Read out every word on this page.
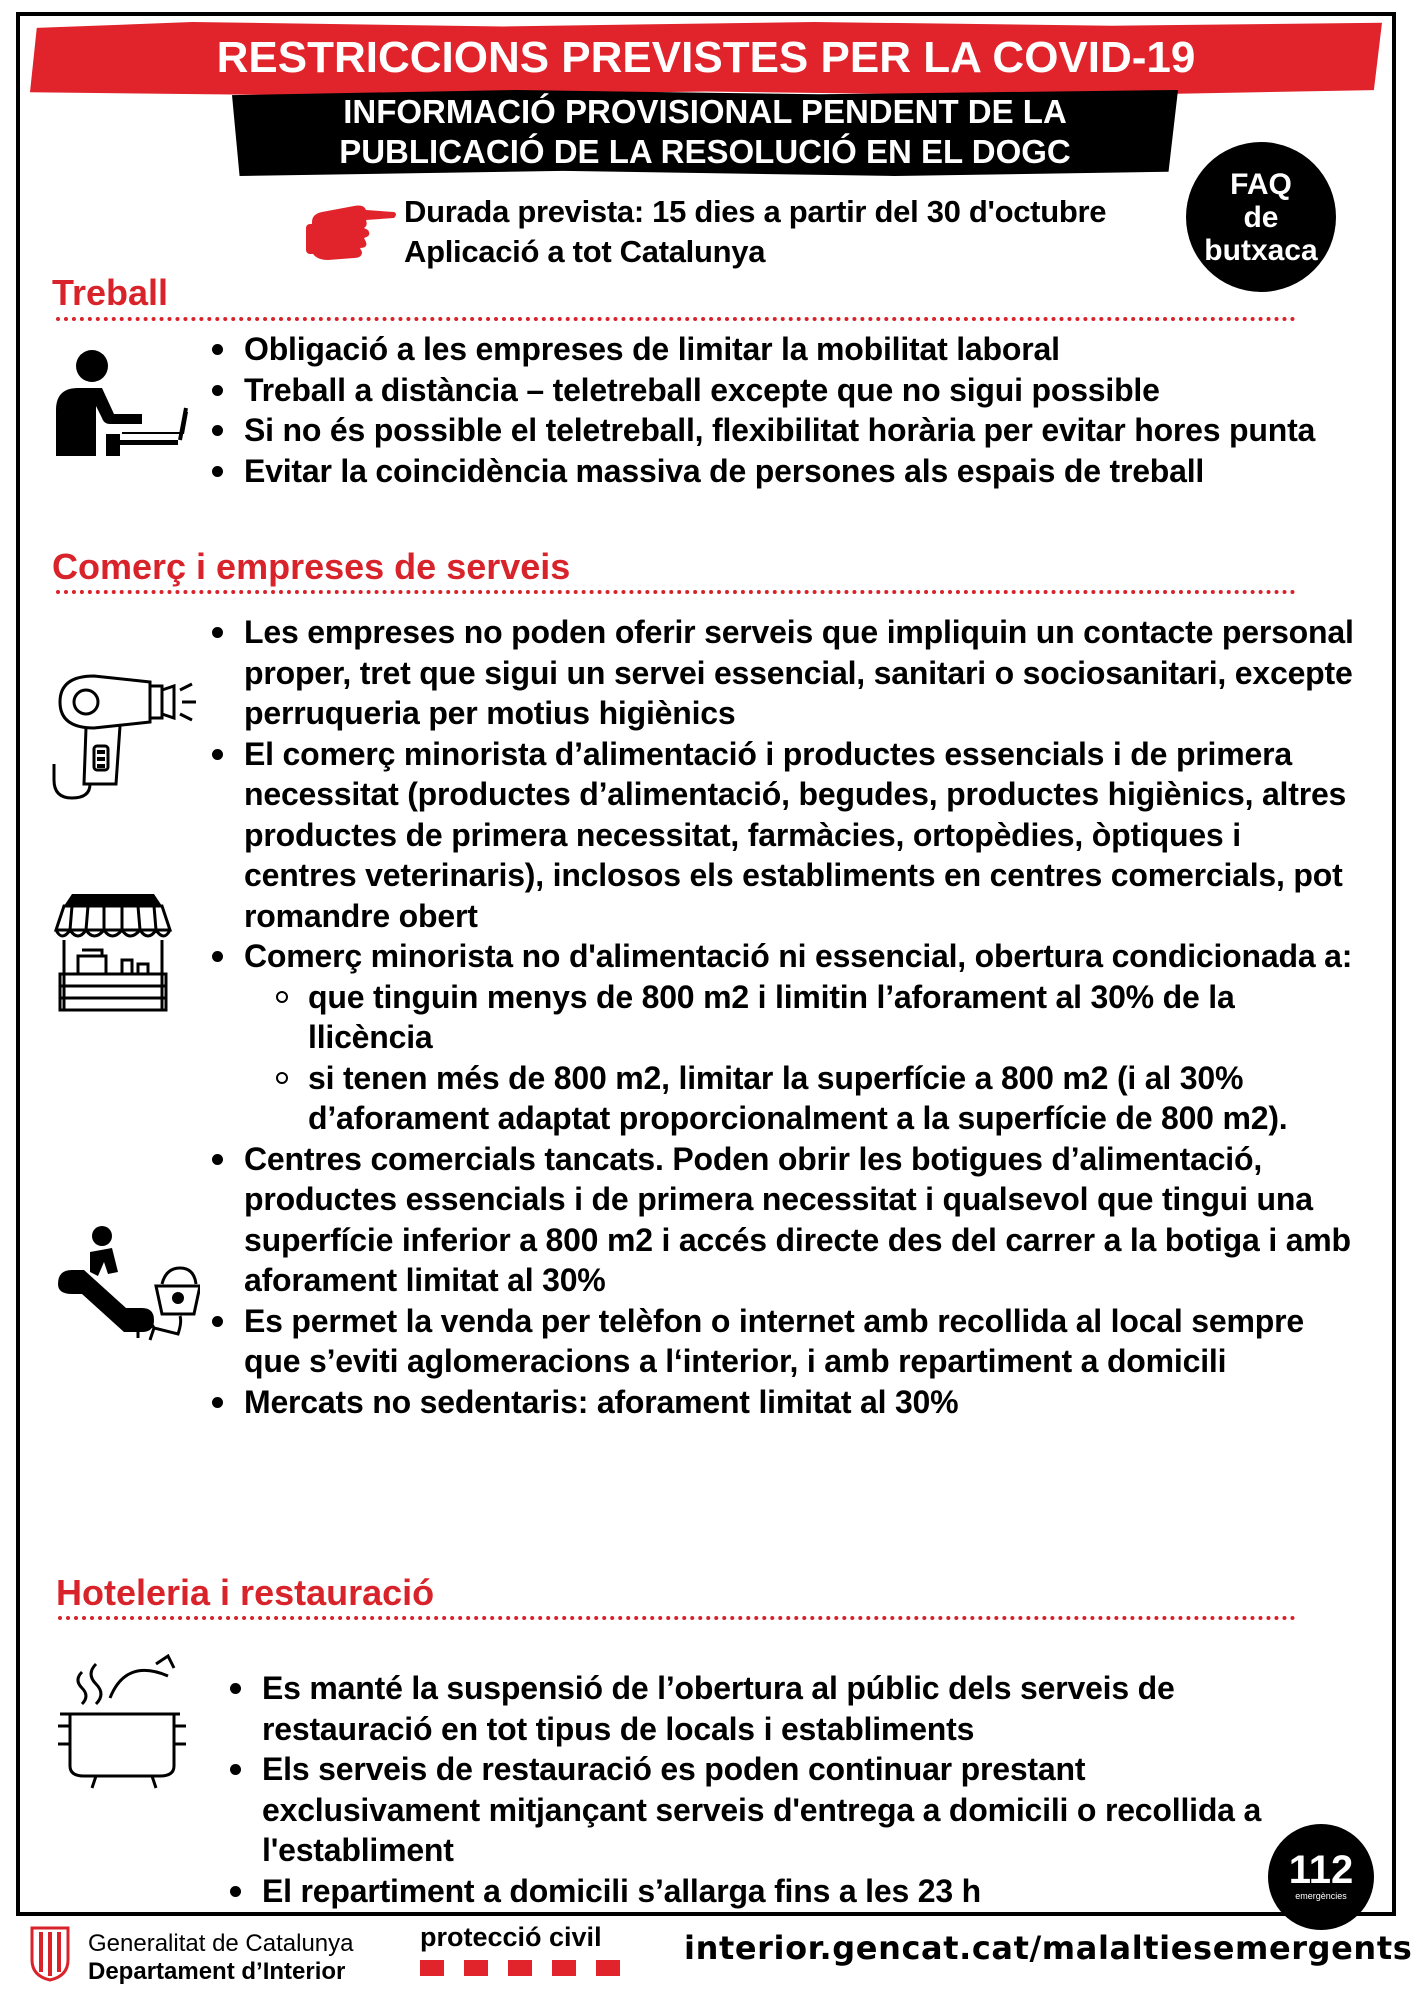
RESTRICCIONS PREVISTES PER LA COVID-19
INFORMACIÓ PROVISIONAL PENDENT DE LA
PUBLICACIÓ DE LA RESOLUCIÓ EN EL DOGC
FAQ
de
butxaca
Durada prevista: 15 dies a partir del 30 d'octubre
Aplicació a tot Catalunya
Treball
Obligació a les empreses de limitar la mobilitat laboral
Treball a distància – teletreball excepte que no sigui possible
Si no és possible el teletreball, flexibilitat horària per evitar hores punta
Evitar la coincidència massiva de persones als espais de treball
Comerç i empreses de serveis
Les empreses no poden oferir serveis que impliquin un contacte personal proper, tret que sigui un servei essencial, sanitari o sociosanitari, excepte perruqueria per motius higiènics
El comerç minorista d’alimentació i productes essencials i de primera necessitat (productes d’alimentació, begudes, productes higiènics, altres productes de primera necessitat, farmàcies, ortopèdies, òptiques i centres veterinaris), inclosos els establiments en centres comercials, pot romandre obert
Comerç minorista no d'alimentació ni essencial, obertura condicionada a:
que tinguin menys de 800 m2 i limitin l’aforament al 30% de la llicència
si tenen més de 800 m2, limitar la superfície a 800 m2 (i al 30% d’aforament adaptat proporcionalment a la superfície de 800 m2).
Centres comercials tancats. Poden obrir les botigues d’alimentació, productes essencials i de primera necessitat i qualsevol que tingui una superfície inferior a 800 m2 i accés directe des del carrer a la botiga i amb aforament limitat al 30%
Es permet la venda per telèfon o internet amb recollida al local sempre que s’eviti aglomeracions a l‘interior, i amb repartiment a domicili
Mercats no sedentaris: aforament limitat al 30%
Hoteleria i restauració
Es manté la suspensió de l’obertura al públic dels serveis de restauració en tot tipus de locals i establiments
Els serveis de restauració es poden continuar prestant exclusivament mitjançant serveis d'entrega a domicili o recollida a l'establiment
El repartiment a domicili s’allarga fins a les 23 h	112
emergències
Generalitat de Catalunya
Departament d’Interior
protecció civil	interior.gencat.cat/malaltiesemergents
